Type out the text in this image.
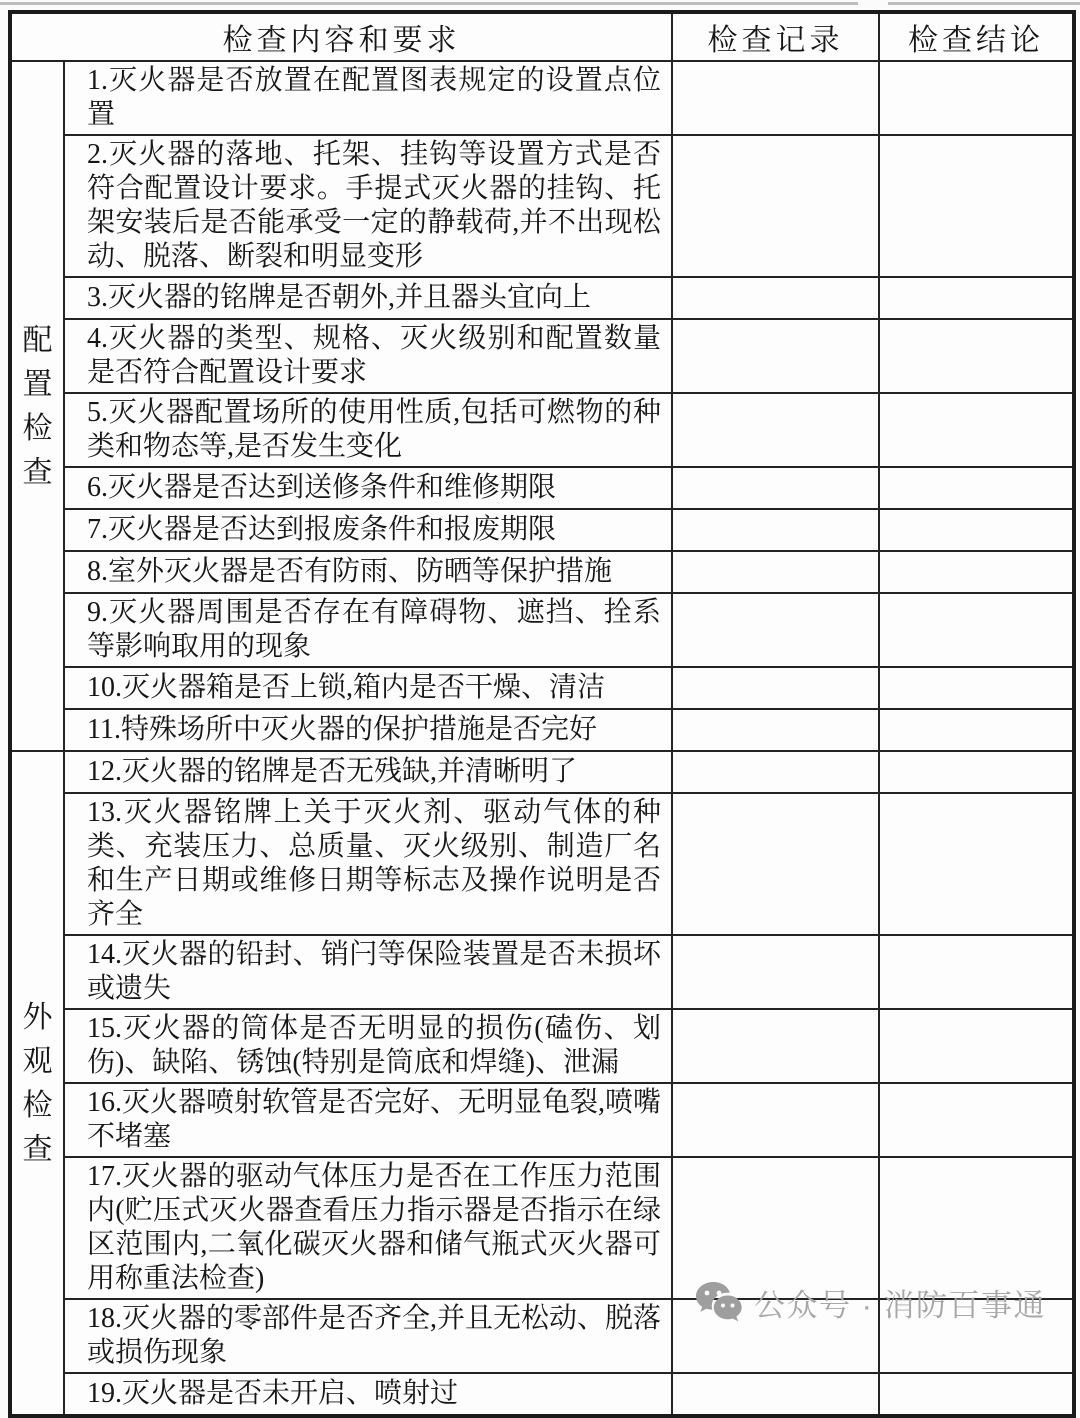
检查内容和要求		检查记录	检查结论

配
置
检
查	1.灭火器是否放置在配置图表规定的设置点位置		
	2.灭火器的落地、托架、挂钩等设置方式是否符合配置设计要求。手提式灭火器的挂钩、托架安装后是否能承受一定的静载荷,并不出现松动、脱落、断裂和明显变形		
	3.灭火器的铭牌是否朝外,并且器头宜向上		
	4.灭火器的类型、规格、灭火级别和配置数量是否符合配置设计要求		
	5.灭火器配置场所的使用性质,包括可燃物的种类和物态等,是否发生变化		
	6.灭火器是否达到送修条件和维修期限		
	7.灭火器是否达到报废条件和报废期限		
	8.室外灭火器是否有防雨、防晒等保护措施		
	9.灭火器周围是否存在有障碍物、遮挡、拴系等影响取用的现象		
	10.灭火器箱是否上锁,箱内是否干燥、清洁		
	11.特殊场所中灭火器的保护措施是否完好		

外
观
检
查	12.灭火器的铭牌是否无残缺,并清晰明了		
	13.灭火器铭牌上关于灭火剂、驱动气体的种类、充装压力、总质量、灭火级别、制造厂名和生产日期或维修日期等标志及操作说明是否齐全		
	14.灭火器的铅封、销闩等保险装置是否未损坏或遗失		
	15.灭火器的筒体是否无明显的损伤(磕伤、划伤)、缺陷、锈蚀(特别是筒底和焊缝)、泄漏		
	16.灭火器喷射软管是否完好、无明显龟裂,喷嘴不堵塞		
	17.灭火器的驱动气体压力是否在工作压力范围内(贮压式灭火器查看压力指示器是否指示在绿区范围内,二氧化碳灭火器和储气瓶式灭火器可用称重法检查)		
	18.灭火器的零部件是否齐全,并且无松动、脱落或损伤现象		
	19.灭火器是否未开启、喷射过		
公众号 · 消防百事通
